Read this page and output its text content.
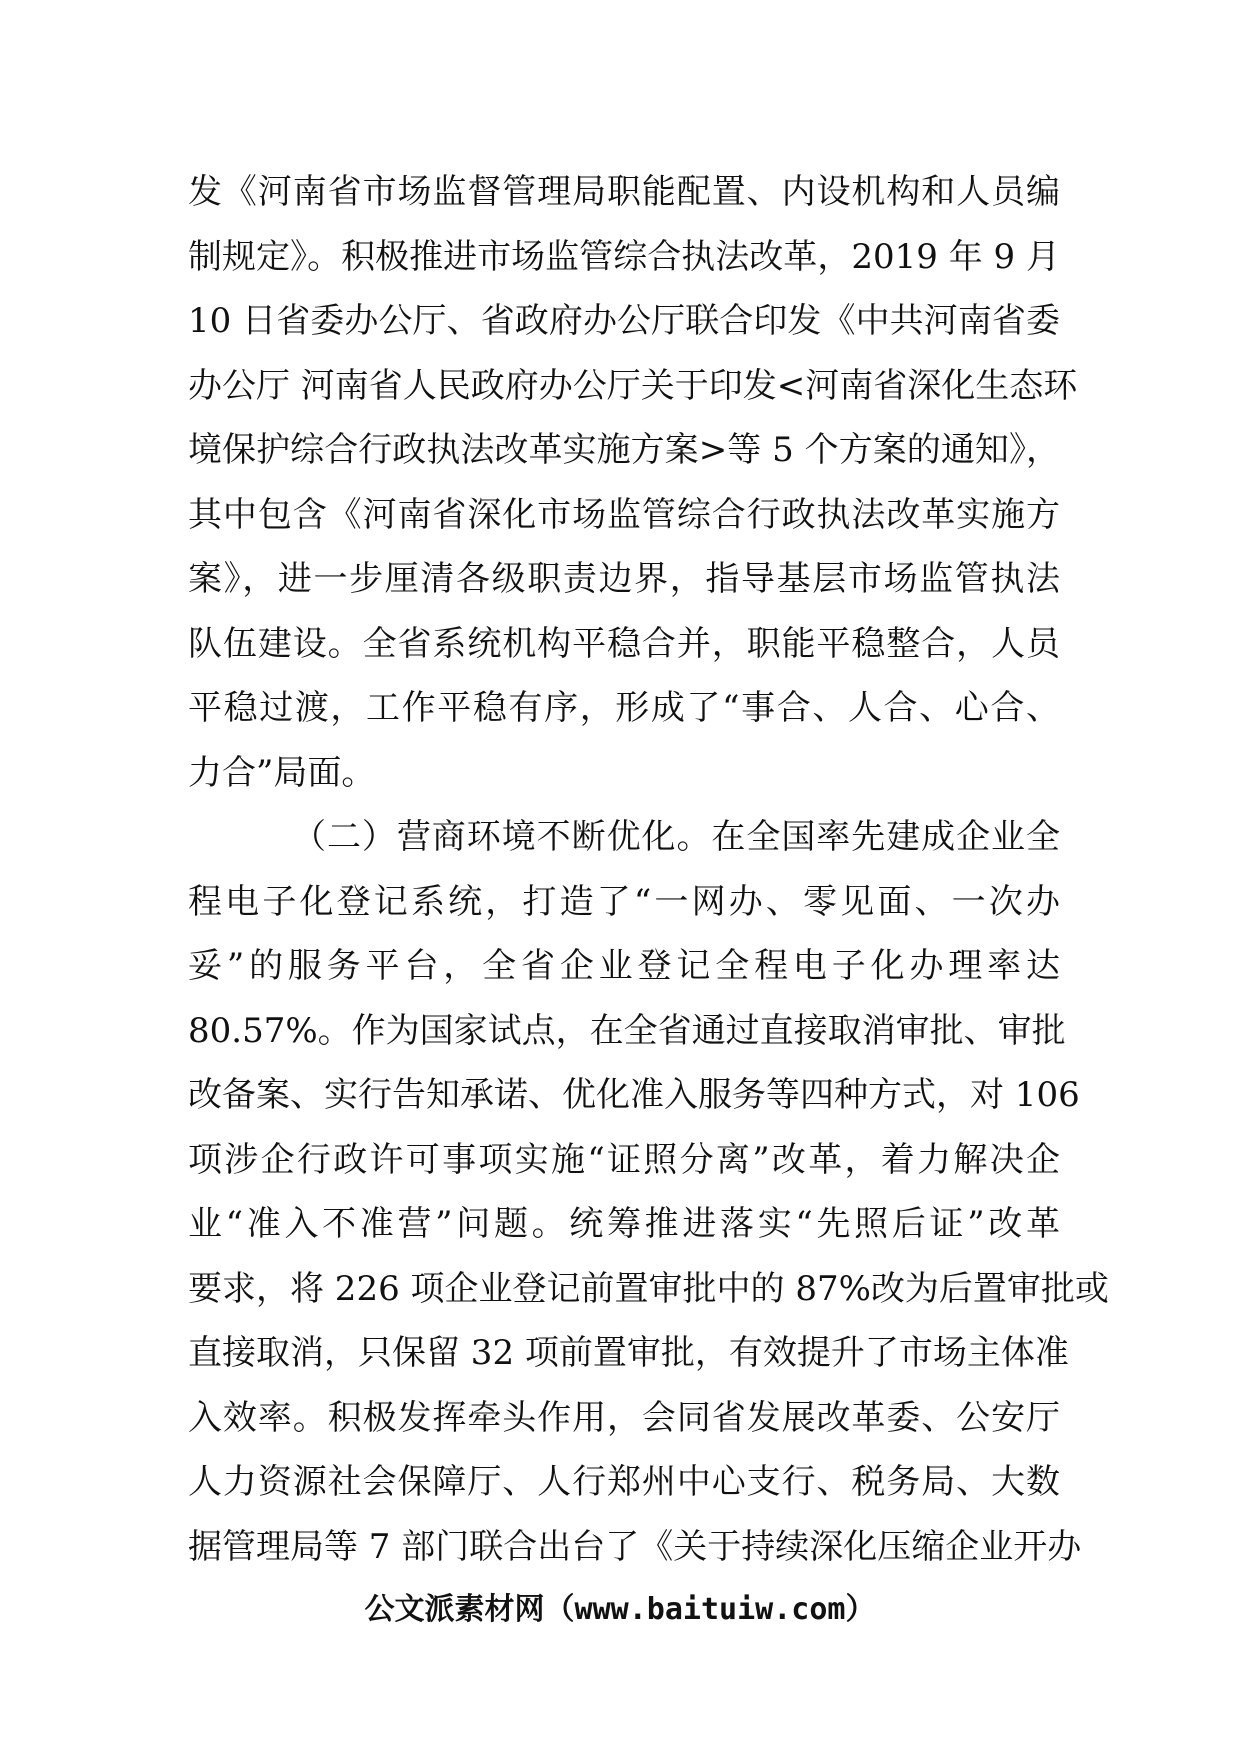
发《河南省市场监督管理局职能配置、内设机构和人员编
制规定》。积极推进市场监管综合执法改革，2019 年 9 月
10 日省委办公厅、省政府办公厅联合印发《中共河南省委
办公厅 河南省人民政府办公厅关于印发<河南省深化生态环
境保护综合行政执法改革实施方案>等 5 个方案的通知》，
其中包含《河南省深化市场监管综合行政执法改革实施方
案》，进一步厘清各级职责边界，指导基层市场监管执法
队伍建设。全省系统机构平稳合并，职能平稳整合，人员
平稳过渡，工作平稳有序，形成了“事合、人合、心合、
力合”局面。
（二）营商环境不断优化。在全国率先建成企业全
程电子化登记系统，打造了“一网办、零见面、一次办
妥”的服务平台，全省企业登记全程电子化办理率达
80.57%。作为国家试点，在全省通过直接取消审批、审批
改备案、实行告知承诺、优化准入服务等四种方式，对 106
项涉企行政许可事项实施“证照分离”改革，着力解决企
业“准入不准营”问题。统筹推进落实“先照后证”改革
要求，将 226 项企业登记前置审批中的 87%改为后置审批或
直接取消，只保留 32 项前置审批，有效提升了市场主体准
入效率。积极发挥牵头作用，会同省发展改革委、公安厅
人力资源社会保障厅、人行郑州中心支行、税务局、大数
据管理局等 7 部门联合出台了《关于持续深化压缩企业开办
公文派素材网（www.baituiw.com）
